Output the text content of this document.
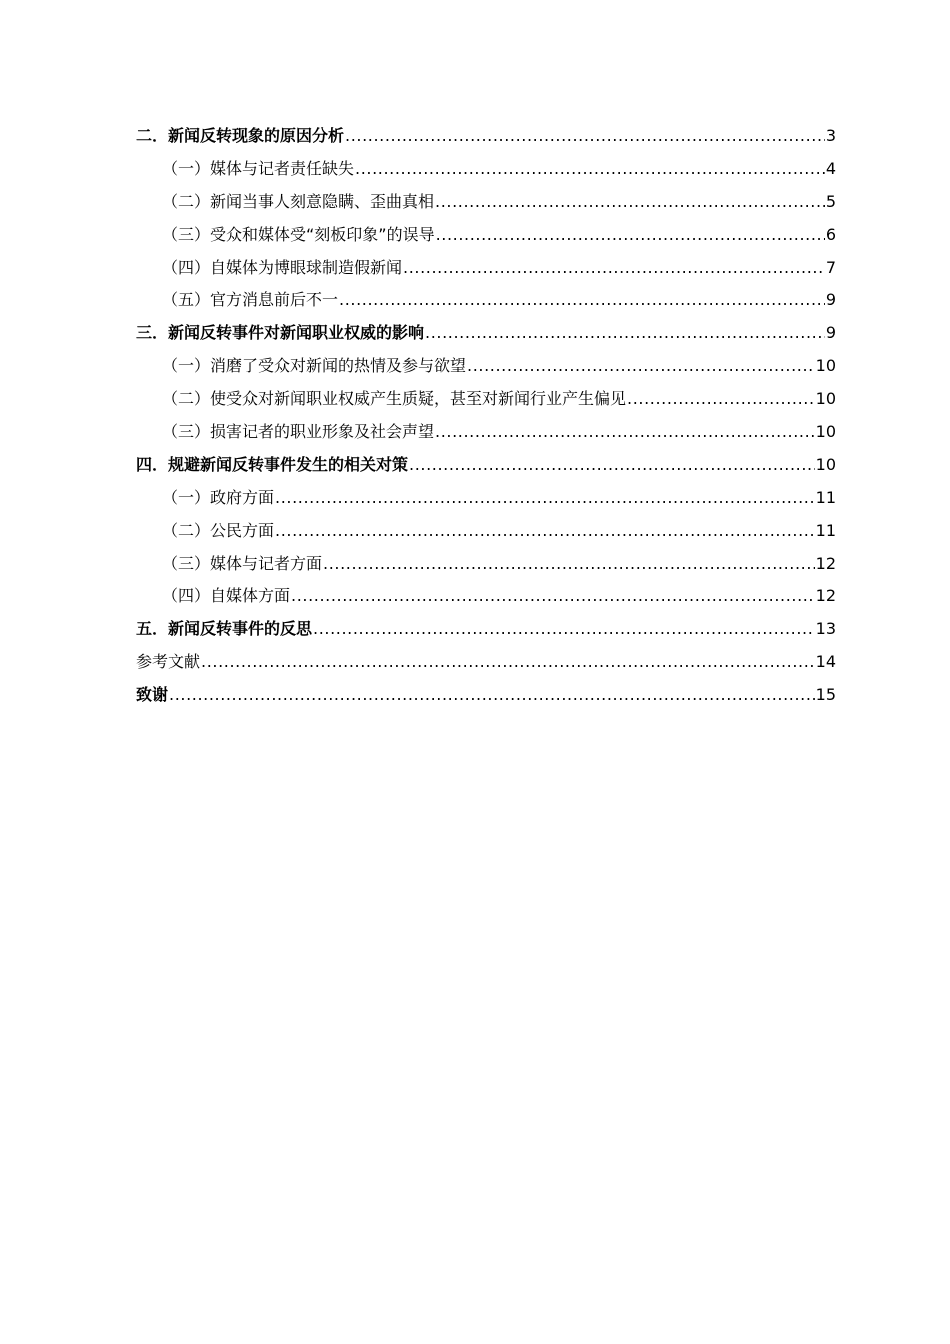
二．新闻反转现象的原因分析 .....	3
（一）媒体与记者责任缺失 .....	4
（二）新闻当事人刻意隐瞒、歪曲真相 .....	5
（三）受众和媒体受“刻板印象”的误导 .....	6
（四）自媒体为博眼球制造假新闻 .....	7
（五）官方消息前后不一 .....	9
三．新闻反转事件对新闻职业权威的影响 .....	9
（一）消磨了受众对新闻的热情及参与欲望 .....	10
（二）使受众对新闻职业权威产生质疑，甚至对新闻行业产生偏见 .....	10
（三）损害记者的职业形象及社会声望 .....	10
四．规避新闻反转事件发生的相关对策 .....	10
（一）政府方面 .....	11
（二）公民方面 .....	11
（三）媒体与记者方面 .....	12
（四）自媒体方面 .....	12
五．新闻反转事件的反思 .....	13
参考文献 .....	14
致谢 .....	15
